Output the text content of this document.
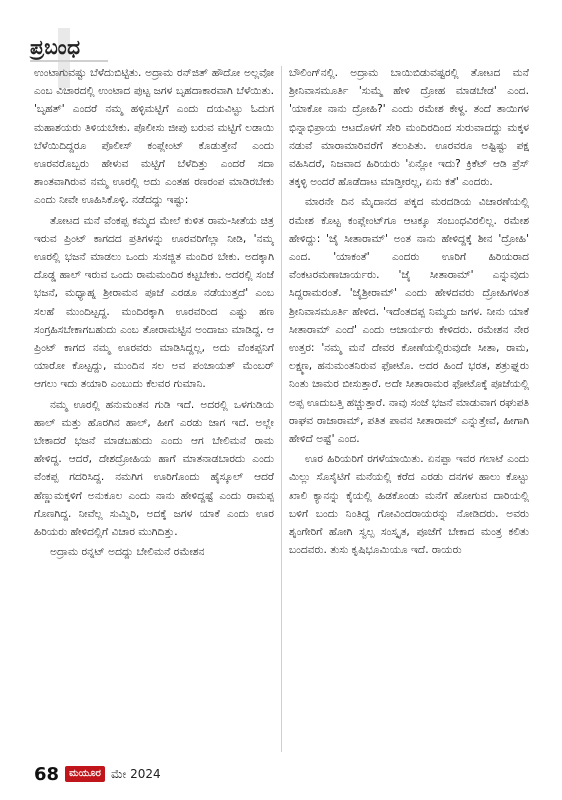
ಪ್ರಬಂಧ

ಉಂಟಾಗುವಷ್ಟು ಬೆಳೆದುಬಿಟ್ಟಿತು. ಅದ್ರಾಮ ರನ್‌ಜಿತ್ ಹೌದೋ ಅಲ್ಲವೋ ಎಂಬ ವಿಚಾರದಲ್ಲಿ ಉಂಟಾದ ಪುಟ್ಟ ಜಗಳ ಬೃಹದಾಕಾರವಾಗಿ ಬೆಳೆಯಿತು. 'ಬೃಹತ್' ಎಂದರೆ ನಮ್ಮ ಹಳ್ಳಿಮಟ್ಟಿಗೆ ಎಂದು ದಯವಿಟ್ಟು ಓದುಗ ಮಹಾಶಯರು ತಿಳಿಯಬೇಕು. ಪೊಲೀಸು ಜೀಪು ಬರುವ ಮಟ್ಟಿಗೆ ಲಡಾಯಿ ಬೆಳೆಯಿದಿದ್ದರೂ ಪೊಲೀಸ್ ಕಂಪ್ಲೇಂಟ್ ಕೊಡುತ್ತೇನೆ ಎಂದು ಊರವರೊಬ್ಬರು ಹೇಳುವ ಮಟ್ಟಿಗೆ ಬೆಳೆದಿತ್ತು ಎಂದರೆ ಸದಾ ಶಾಂತವಾಗಿರುವ ನಮ್ಮ ಊರಲ್ಲಿ ಅದು ಎಂತಹ ರಣರಂಪ ಮಾಡಿರಬೇಕು ಎಂದು ನೀವೇ ಊಹಿಸಿಕೊಳ್ಳಿ. ನಡೆದದ್ದು ಇಷ್ಟು:

ತೋಟದ ಮನೆ ವೆಂಕಪ್ಪ ಕಮ್ಮದ ಮೇಲೆ ಕುಳಿತ ರಾಮ-ಸೀತೆಯ ಚಿತ್ರ ಇರುವ ಪ್ರಿಂಟ್ ಕಾಗದದ ಪ್ರತಿಗಳನ್ನು ಊರವರಿಗೆಲ್ಲಾ ನೀಡಿ, 'ನಮ್ಮ ಊರಲ್ಲಿ ಭಜನೆ ಮಾಡಲು ಒಂದು ಸುಸಜ್ಜಿತ ಮಂದಿರ ಬೇಕು. ಅದಕ್ಕಾಗಿ ದೊಡ್ಡ ಹಾಲ್ ಇರುವ ಒಂದು ರಾಮಮಂದಿರ ಕಟ್ಟಬೇಕು. ಅದರಲ್ಲಿ ಸಂಜೆ ಭಜನೆ, ಮಧ್ಯಾಹ್ನ ಶ್ರೀರಾಮನ ಪೂಜೆ ಎರಡೂ ನಡೆಯುತ್ತದೆ' ಎಂಬ ಸಲಹೆ ಮುಂದಿಟ್ಟದ್ದ. ಮಂದಿರಕ್ಕಾಗಿ ಊರವರಿಂದ ಎಷ್ಟು ಹಣ ಸಂಗ್ರಹಿಸಬೇಕಾಗಬಹುದು ಎಂಬ ತೋರಾಮಟ್ಟಿನ ಅಂದಾಜು ಮಾಡಿದ್ದ. ಆ ಪ್ರಿಂಟ್ ಕಾಗದ ನಮ್ಮ ಊರವರು ಮಾಡಿಸಿದ್ದಲ್ಲ, ಅದು ವೆಂಕಪ್ಪನಿಗೆ ಯಾರೋ ಕೊಟ್ಟದ್ದು, ಮುಂದಿನ ಸಲ ಅವ ಪಂಚಾಯತ್ ಮೆಂಬರ್ ಆಗಲು ಇದು ತಯಾರಿ ಎಂಬುದು ಕೆಲವರ ಗುಮಾನಿ.

ನಮ್ಮ ಊರಲ್ಲಿ ಹನುಮಂತನ ಗುಡಿ ಇದೆ. ಅದರಲ್ಲಿ ಒಳಗುಡಿಯ ಹಾಲ್ ಮತ್ತು ಹೊರಗಿನ ಹಾಲ್, ಹೀಗೆ ಎರಡು ಜಾಗ ಇದೆ. ಅಲ್ಲೇ ಬೇಕಾದರೆ ಭಜನೆ ಮಾಡಬಹುದು ಎಂದು ಆಗ ಬೇಲಿಮನೆ ರಾಮ ಹೇಳಿದ್ದ. ಆದರೆ, ದೇಶದ್ರೋಹಿಯ ಹಾಗೆ ಮಾತನಾಡಬಾರದು ಎಂದು ವೆಂಕಪ್ಪ ಗದರಿಸಿದ್ದ. ನಮಗಿಗ ಊರಿಗೊಂದು ಹೈಸ್ಕೂಲ್ ಆದರೆ ಹೆಣ್ಣುಮಕ್ಕಳಿಗೆ ಅನುಕೂಲ ಎಂದು ನಾನು ಹೇಳಿದ್ದಷ್ಟೆ ಎಂದು ರಾಮಪ್ಪ ಗೊಣಗಿದ್ದ. ನೀವೆಲ್ಲ ಸುಮ್ನಿರಿ, ಅದಕ್ಕೆ ಜಗಳ ಯಾಕೆ ಎಂದು ಊರ ಹಿರಿಯರು ಹೇಳಿದಲ್ಲಿಗೆ ವಿಚಾರ ಮುಗಿದಿತ್ತು.

ಅದ್ರಾಮ ರನ್ನಟ್ ಅದದ್ದು ಬೇಲಿಮನೆ ರಮೇಶನ

ಬೌಲಿಂಗ್‌ನಲ್ಲಿ. ಅದ್ರಾಮ ಬಾಯಿಬಿಡುವಷ್ಟರಲ್ಲಿ ತೋಟದ ಮನೆ ಶ್ರೀನಿವಾಸಮೂರ್ತಿ 'ಸುಮ್ಮೆ ಹೇಳಿ ದ್ರೋಹ ಮಾಡಬೇಡ' ಎಂದ. 'ಯಾಕೋ ನಾನು ದ್ರೋಹಿ?' ಎಂದು ರಮೇಶ ಕೇಳ್ದ. ತಂದೆ ತಾಯಿಗಳ ಭಿನ್ನಾಭಿಪ್ರಾಯ ಆಟದೊಳಗೆ ಸೇರಿ ಮಂದಿರದಿಂದ ಸುರುವಾದದ್ದು ಮಕ್ಕಳ ನಡುವೆ ಮಾರಾಮಾರಿವರೆಗೆ ತಲುಪಿತು. ಊರವರೂ ಅಷ್ಟಿಷ್ಟು ಪಕ್ಷ ವಹಿಸಿದರೆ, ನಿಜವಾದ ಹಿರಿಯರು 'ಏನ್ಲೋ ಇದು? ಕ್ರಿಕೆಟ್ ಆಡಿ ಪ್ರೆಸ್ ತಕ್ಕಳ್ಳಿ ಅಂದರೆ ಹೊಡೆದಾಟ ಮಾಡ್ತೀರಲ್ಲ, ಏನು ಕತೆ' ಎಂದರು.

ಮಾರನೇ ದಿನ ಮೈದಾನದ ಪಕ್ಕದ ಮರದಡಿಯ ವಿಚಾರಣೆಯಲ್ಲಿ ರಮೇಶ ಕೊಟ್ಟ ಕಂಪ್ಲೇಂಟ್‌ಗೂ ಆಟಕ್ಕೂ ಸಂಬಂಧವಿರಲಿಲ್ಲ. ರಮೇಶ ಹೇಳಿದ್ದು: 'ಜೈ ಸೀತಾರಾಮ್' ಅಂತ ನಾನು ಹೇಳಿದ್ದಕ್ಕೆ ಶೀನ 'ದ್ರೋಹಿ' ಎಂದ. 'ಯಾಕಂತೆ' ಎಂದರು ಊರಿಗೆ ಹಿರಿಯರಾದ ವೆಂಕಟರಮಣಾಚಾರ್ಯರು. 'ಜೈ ಸೀತಾರಾಮ್' ಎನ್ನುವುದು ಸಿದ್ದರಾಮರಂತೆ. 'ಜೈಶ್ರೀರಾಮ್' ಎಂದು ಹೇಳದವರು ದ್ರೋಹಿಗಳಂತ ಶ್ರೀನಿವಾಸಮೂರ್ತಿ ಹೇಳಿದ. 'ಇದೆಂತದಪ್ಪ ನಿಮ್ಮದು ಜಗಳ. ನೀನು ಯಾಕೆ ಸೀತಾರಾಮ್ ಎಂದೆ' ಎಂದು ಆಚಾರ್ಯರು ಕೇಳಿದರು. ರಮೇಶನ ನೇರ ಉತ್ತರ: 'ನಮ್ಮ ಮನೆ ದೇವರ ಕೋಣೆಯಲ್ಲಿರುವುದೇ ಸೀತಾ, ರಾಮ, ಲಕ್ಷ್ಮಣ, ಹನುಮಂತನಿರುವ ಫೋಟೊ. ಅದರ ಹಿಂದೆ ಭರತ, ಶತ್ರುಘ್ನರು ನಿಂತು ಚಾಮರ ಬೀಸುತ್ತಾರೆ. ಅದೇ ಸೀತಾರಾಮರ ಫೋಟೊಕ್ಕೆ ಪೂಜೆಯಲ್ಲಿ ಅಪ್ಪ ಊದುಬತ್ತಿ ಹಚ್ಚುತ್ತಾರೆ. ನಾವು ಸಂಜೆ ಭಜನೆ ಮಾಡುವಾಗ ರಘುಪತಿ ರಾಘವ ರಾಜಾರಾಮ್, ಪತಿತ ಪಾವನ ಸೀತಾರಾಮ್ ಎನ್ನುತ್ತೇವೆ, ಹೀಗಾಗಿ ಹೇಳಿದೆ ಅಷ್ಟೆ' ಎಂದ.

ಊರ ಹಿರಿಯರಿಗೆ ರಗಳೆಯಾಯಿತು. ಏನಪ್ಪಾ ಇವರ ಗಲಾಟೆ ಎಂದು ಮಿಲ್ಲು ಸೊಸೈಟಿಗೆ ಮನೆಯಲ್ಲಿ ಕರೆದ ಎರಡು ದನಗಳ ಹಾಲು ಕೊಟ್ಟು ಖಾಲಿ ಕ್ಯಾನನ್ನು ಕೈಯಲ್ಲಿ ಹಿಡಕೊಂಡು ಮನೆಗೆ ಹೋಗುವ ದಾರಿಯಲ್ಲಿ ಬಳಿಗೆ ಬಂದು ನಿಂತಿದ್ದ ಗೋವಿಂದರಾಯರನ್ನು ನೋಡಿದರು. ಅವರು ಶೃಂಗೇರಿಗೆ ಹೋಗಿ ಸ್ವಲ್ಪ ಸಂಸ್ಕೃತ, ಪೂಜೆಗೆ ಬೇಕಾದ ಮಂತ್ರ ಕಲಿತು ಬಂದವರು. ತುಸು ಕೃಷಿಭೂಮಿಯೂ ಇದೆ. ರಾಯರು

68	ಮಯೂರ ಮೇ 2024
